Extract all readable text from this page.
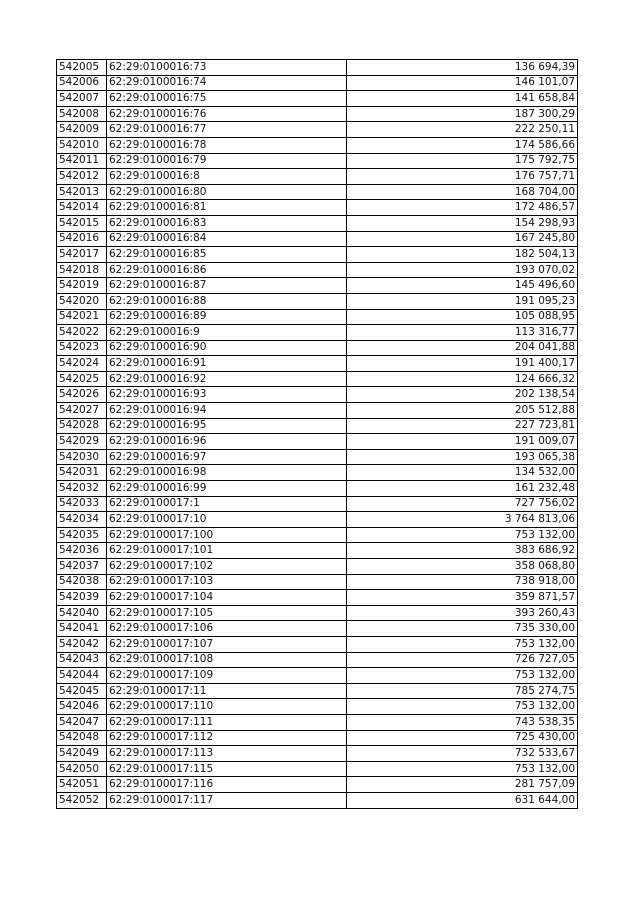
542005	62:29:0100016:73	136 694,39
542006	62:29:0100016:74	146 101,07
542007	62:29:0100016:75	141 658,84
542008	62:29:0100016:76	187 300,29
542009	62:29:0100016:77	222 250,11
542010	62:29:0100016:78	174 586,66
542011	62:29:0100016:79	175 792,75
542012	62:29:0100016:8	176 757,71
542013	62:29:0100016:80	168 704,00
542014	62:29:0100016:81	172 486,57
542015	62:29:0100016:83	154 298,93
542016	62:29:0100016:84	167 245,80
542017	62:29:0100016:85	182 504,13
542018	62:29:0100016:86	193 070,02
542019	62:29:0100016:87	145 496,60
542020	62:29:0100016:88	191 095,23
542021	62:29:0100016:89	105 088,95
542022	62:29:0100016:9	113 316,77
542023	62:29:0100016:90	204 041,88
542024	62:29:0100016:91	191 400,17
542025	62:29:0100016:92	124 666,32
542026	62:29:0100016:93	202 138,54
542027	62:29:0100016:94	205 512,88
542028	62:29:0100016:95	227 723,81
542029	62:29:0100016:96	191 009,07
542030	62:29:0100016:97	193 065,38
542031	62:29:0100016:98	134 532,00
542032	62:29:0100016:99	161 232,48
542033	62:29:0100017:1	727 756,02
542034	62:29:0100017:10	3 764 813,06
542035	62:29:0100017:100	753 132,00
542036	62:29:0100017:101	383 686,92
542037	62:29:0100017:102	358 068,80
542038	62:29:0100017:103	738 918,00
542039	62:29:0100017:104	359 871,57
542040	62:29:0100017:105	393 260,43
542041	62:29:0100017:106	735 330,00
542042	62:29:0100017:107	753 132,00
542043	62:29:0100017:108	726 727,05
542044	62:29:0100017:109	753 132,00
542045	62:29:0100017:11	785 274,75
542046	62:29:0100017:110	753 132,00
542047	62:29:0100017:111	743 538,35
542048	62:29:0100017:112	725 430,00
542049	62:29:0100017:113	732 533,67
542050	62:29:0100017:115	753 132,00
542051	62:29:0100017:116	281 757,09
542052	62:29:0100017:117	631 644,00
